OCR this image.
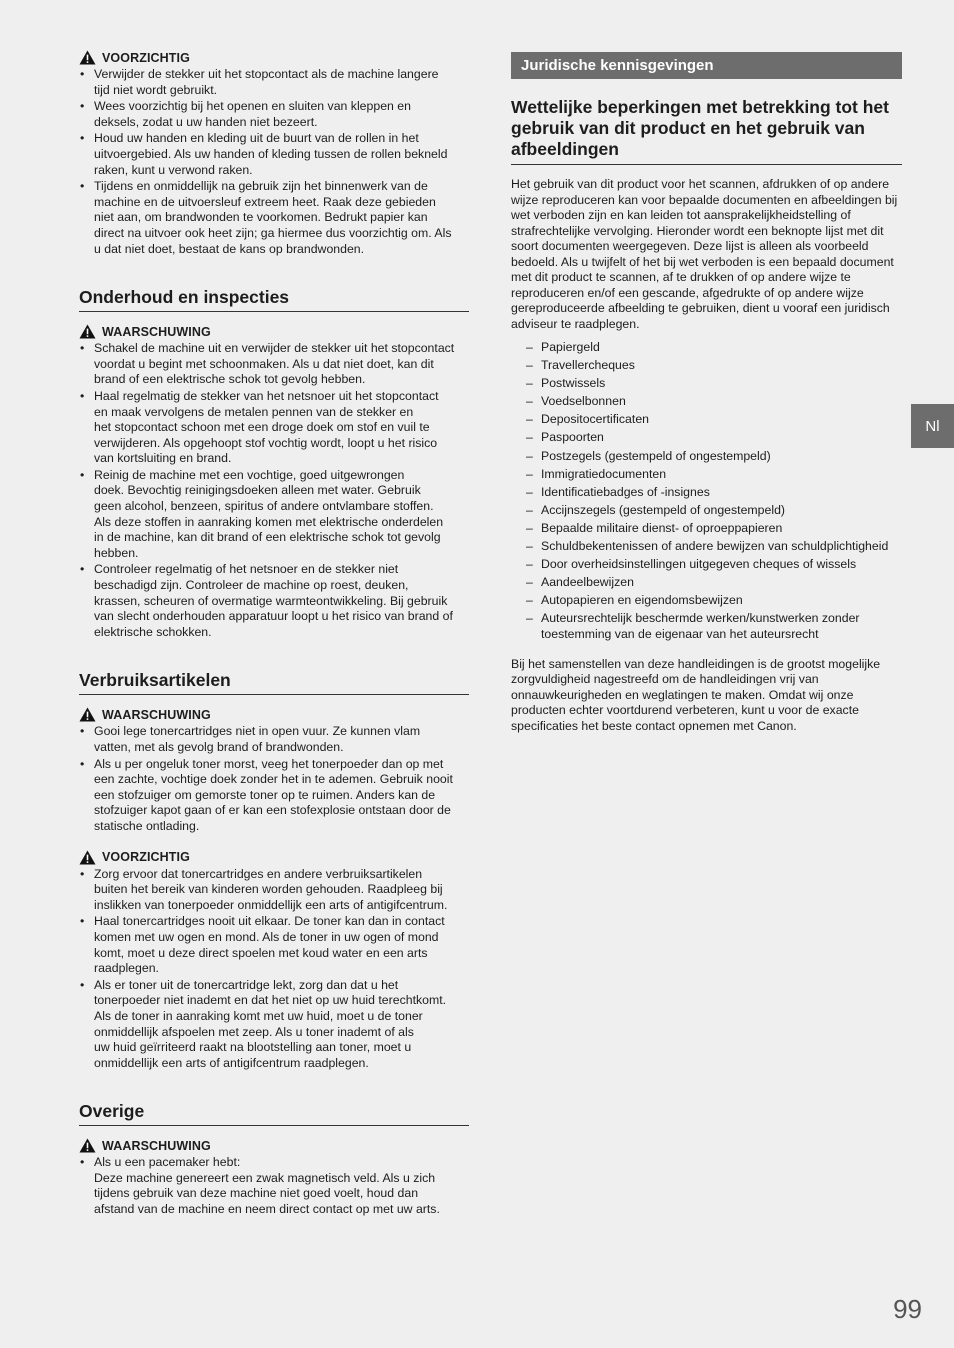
VOORZICHTIG
• Verwijder de stekker uit het stopcontact als de machine langere
tijd niet wordt gebruikt.
• Wees voorzichtig bij het openen en sluiten van kleppen en
deksels, zodat u uw handen niet bezeert.
• Houd uw handen en kleding uit de buurt van de rollen in het
uitvoergebied. Als uw handen of kleding tussen de rollen bekneld
raken, kunt u verwond raken.
• Tijdens en onmiddellijk na gebruik zijn het binnenwerk van de
machine en de uitvoersleuf extreem heet. Raak deze gebieden
niet aan, om brandwonden te voorkomen. Bedrukt papier kan
direct na uitvoer ook heet zijn; ga hiermee dus voorzichtig om. Als
u dat niet doet, bestaat de kans op brandwonden.
Onderhoud en inspecties
WAARSCHUWING
• Schakel de machine uit en verwijder de stekker uit het stopcontact
voordat u begint met schoonmaken. Als u dat niet doet, kan dit
brand of een elektrische schok tot gevolg hebben.
• Haal regelmatig de stekker van het netsnoer uit het stopcontact
en maak vervolgens de metalen pennen van de stekker en
het stopcontact schoon met een droge doek om stof en vuil te
verwijderen. Als opgehoopt stof vochtig wordt, loopt u het risico
van kortsluiting en brand.
• Reinig de machine met een vochtige, goed uitgewrongen
doek. Bevochtig reinigingsdoeken alleen met water. Gebruik
geen alcohol, benzeen, spiritus of andere ontvlambare stoffen.
Als deze stoffen in aanraking komen met elektrische onderdelen
in de machine, kan dit brand of een elektrische schok tot gevolg
hebben.
• Controleer regelmatig of het netsnoer en de stekker niet
beschadigd zijn. Controleer de machine op roest, deuken,
krassen, scheuren of overmatige warmteontwikkeling. Bij gebruik
van slecht onderhouden apparatuur loopt u het risico van brand of
elektrische schokken.
Verbruiksartikelen
WAARSCHUWING
• Gooi lege tonercartridges niet in open vuur. Ze kunnen vlam
vatten, met als gevolg brand of brandwonden.
• Als u per ongeluk toner morst, veeg het tonerpoeder dan op met
een zachte, vochtige doek zonder het in te ademen. Gebruik nooit
een stofzuiger om gemorste toner op te ruimen. Anders kan de
stofzuiger kapot gaan of er kan een stofexplosie ontstaan door de
statische ontlading.
VOORZICHTIG
• Zorg ervoor dat tonercartridges en andere verbruiksartikelen
buiten het bereik van kinderen worden gehouden. Raadpleeg bij
inslikken van tonerpoeder onmiddellijk een arts of antigifcentrum.
• Haal tonercartridges nooit uit elkaar. De toner kan dan in contact
komen met uw ogen en mond. Als de toner in uw ogen of mond
komt, moet u deze direct spoelen met koud water en een arts
raadplegen.
• Als er toner uit de tonercartridge lekt, zorg dan dat u het
tonerpoeder niet inademt en dat het niet op uw huid terechtkomt.
Als de toner in aanraking komt met uw huid, moet u de toner
onmiddellijk afspoelen met zeep. Als u toner inademt of als
uw huid geïrriteerd raakt na blootstelling aan toner, moet u
onmiddellijk een arts of antigifcentrum raadplegen.
Overige
WAARSCHUWING
• Als u een pacemaker hebt:
Deze machine genereert een zwak magnetisch veld. Als u zich
tijdens gebruik van deze machine niet goed voelt, houd dan
afstand van de machine en neem direct contact op met uw arts.
Juridische kennisgevingen
Wettelijke beperkingen met betrekking tot het gebruik van dit product en het gebruik van afbeeldingen

Het gebruik van dit product voor het scannen, afdrukken of op andere wijze reproduceren kan voor bepaalde documenten en afbeeldingen bij wet verboden zijn en kan leiden tot aansprakelijkheidstelling of strafrechtelijke vervolging. Hieronder wordt een beknopte lijst met dit soort documenten weergegeven. Deze lijst is alleen als voorbeeld bedoeld. Als u twijfelt of het bij wet verboden is een bepaald document met dit product te scannen, af te drukken of op andere wijze te reproduceren en/of een gescande, afgedrukte of op andere wijze gereproduceerde afbeelding te gebruiken, dient u vooraf een juridisch adviseur te raadplegen.

– Papiergeld
– Travellercheques
– Postwissels
– Voedselbonnen
– Depositocertificaten
– Paspoorten
– Postzegels (gestempeld of ongestempeld)
– Immigratiedocumenten
– Identificatiebadges of -insignes
– Accijnszegels (gestempeld of ongestempeld)
– Bepaalde militaire dienst- of oproeppapieren
– Schuldbekentenissen of andere bewijzen van schuldplichtigheid
– Door overheidsinstellingen uitgegeven cheques of wissels
– Aandeelbewijzen
– Autopapieren en eigendomsbewijzen
– Auteursrechtelijk beschermde werken/kunstwerken zonder toestemming van de eigenaar van het auteursrecht

Bij het samenstellen van deze handleidingen is de grootst mogelijke zorgvuldigheid nagestreefd om de handleidingen vrij van onnauwkeurigheden en weglatingen te maken. Omdat wij onze producten echter voortdurend verbeteren, kunt u voor de exacte specificaties het beste contact opnemen met Canon.

Nl
99
